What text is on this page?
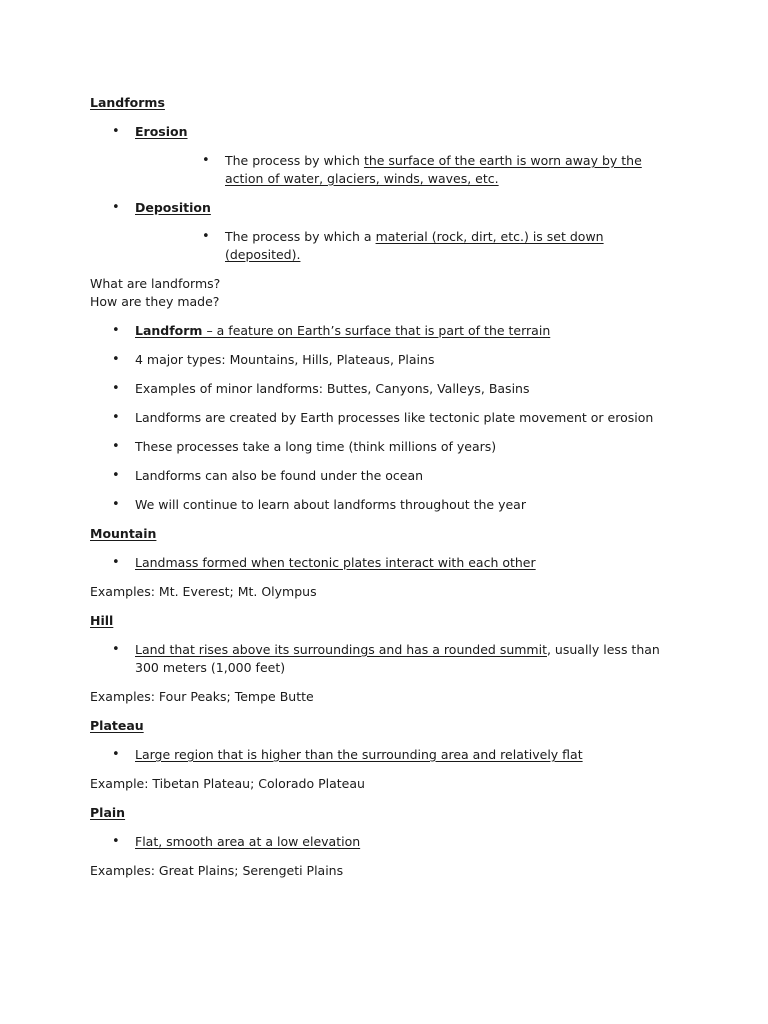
Landforms

• Erosion
• The process by which the surface of the earth is worn away by the action of water, glaciers, winds, waves, etc.
• Deposition
• The process by which a material (rock, dirt, etc.) is set down (deposited).

What are landforms?
How are they made?

• Landform – a feature on Earth’s surface that is part of the terrain
• 4 major types: Mountains, Hills, Plateaus, Plains
• Examples of minor landforms: Buttes, Canyons, Valleys, Basins
• Landforms are created by Earth processes like tectonic plate movement or erosion
• These processes take a long time (think millions of years)
• Landforms can also be found under the ocean
• We will continue to learn about landforms throughout the year

Mountain

• Landmass formed when tectonic plates interact with each other

Examples: Mt. Everest; Mt. Olympus

Hill

• Land that rises above its surroundings and has a rounded summit, usually less than 300 meters (1,000 feet)

Examples: Four Peaks; Tempe Butte

Plateau

• Large region that is higher than the surrounding area and relatively flat

Example: Tibetan Plateau; Colorado Plateau

Plain

• Flat, smooth area at a low elevation

Examples: Great Plains; Serengeti Plains
